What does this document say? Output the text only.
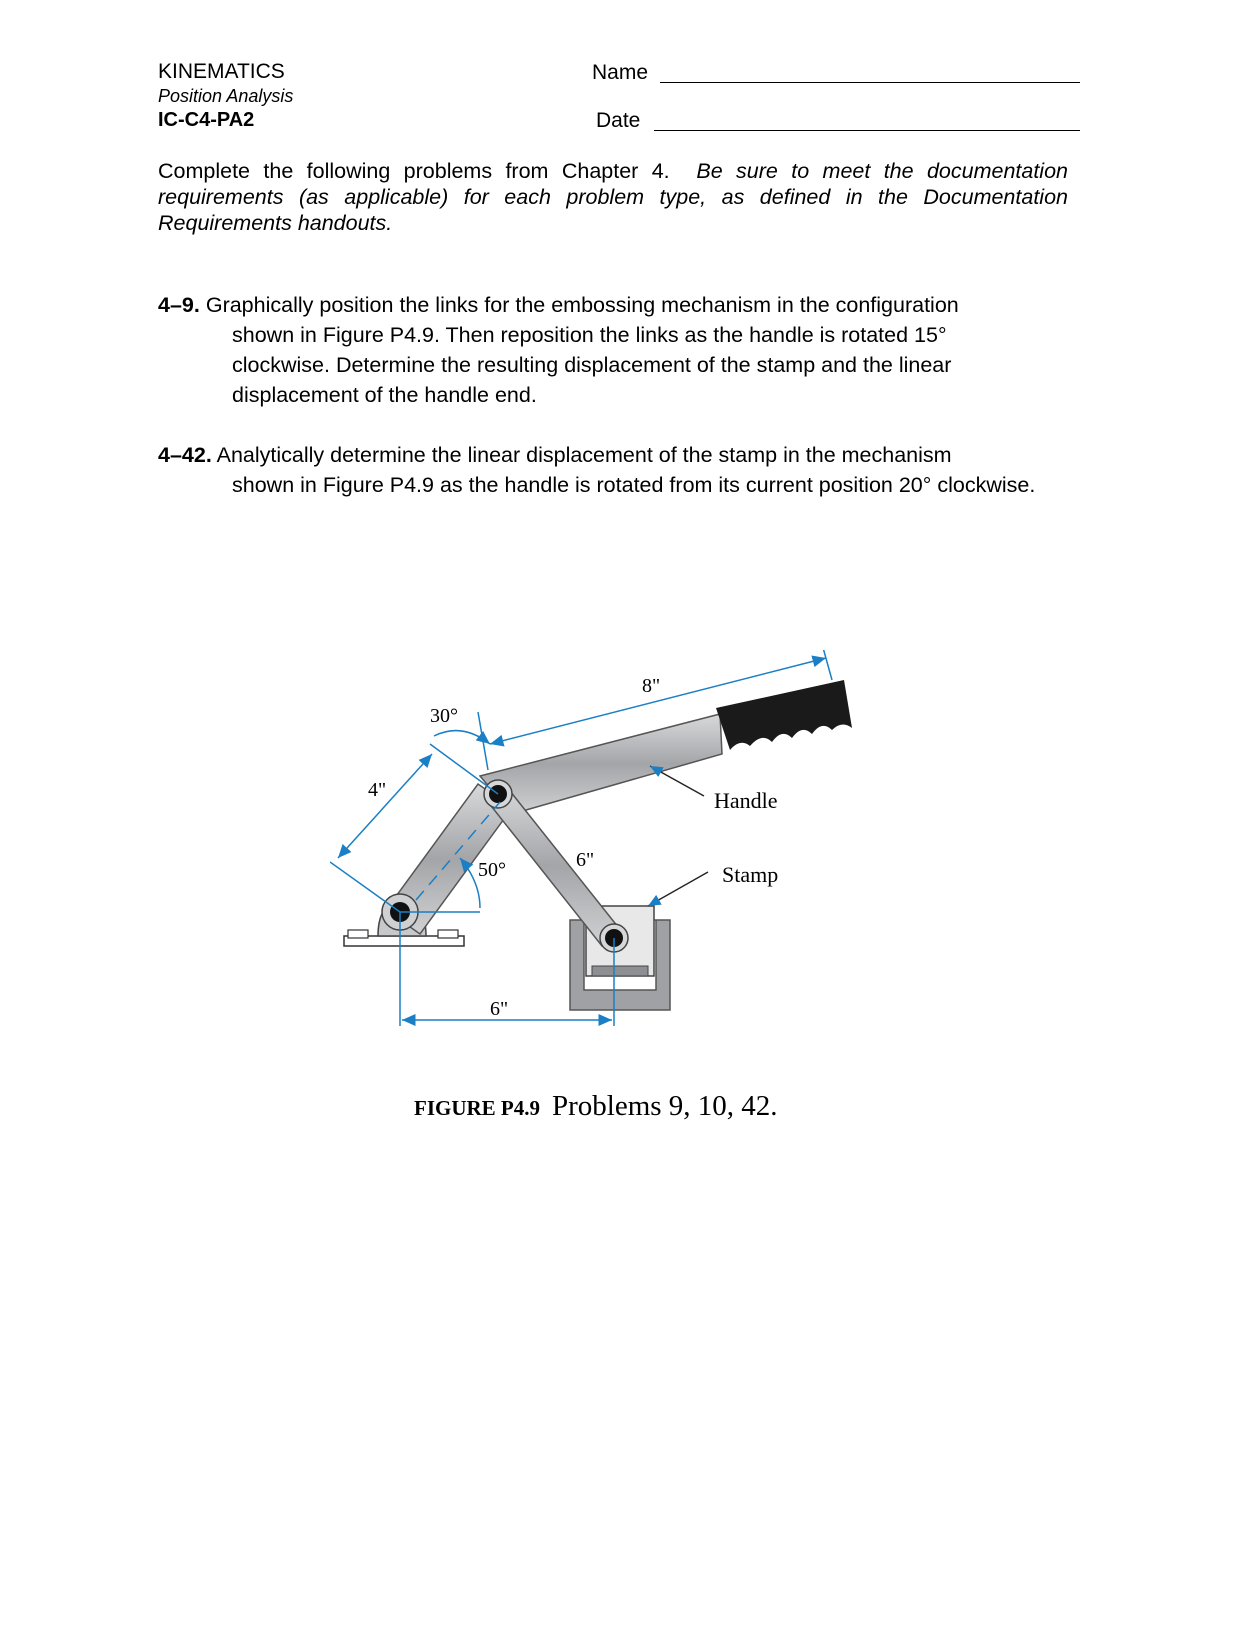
KINEMATICS
Position Analysis
IC-C4-PA2
Name
Date
Complete the following problems from Chapter 4. Be sure to meet the documentation requirements (as applicable) for each problem type, as defined in the Documentation Requirements handouts.
4–9. Graphically position the links for the embossing mechanism in the configuration
shown in Figure P4.9. Then reposition the links as the handle is rotated 15° clockwise. Determine the resulting displacement of the stamp and the linear displacement of the handle end.
4–42. Analytically determine the linear displacement of the stamp in the mechanism
shown in Figure P4.9 as the handle is rotated from its current position 20° clockwise.
8"
4"
30°
50°	6"
6"
Handle
Stamp
FIGURE P4.9 Problems 9, 10, 42.
